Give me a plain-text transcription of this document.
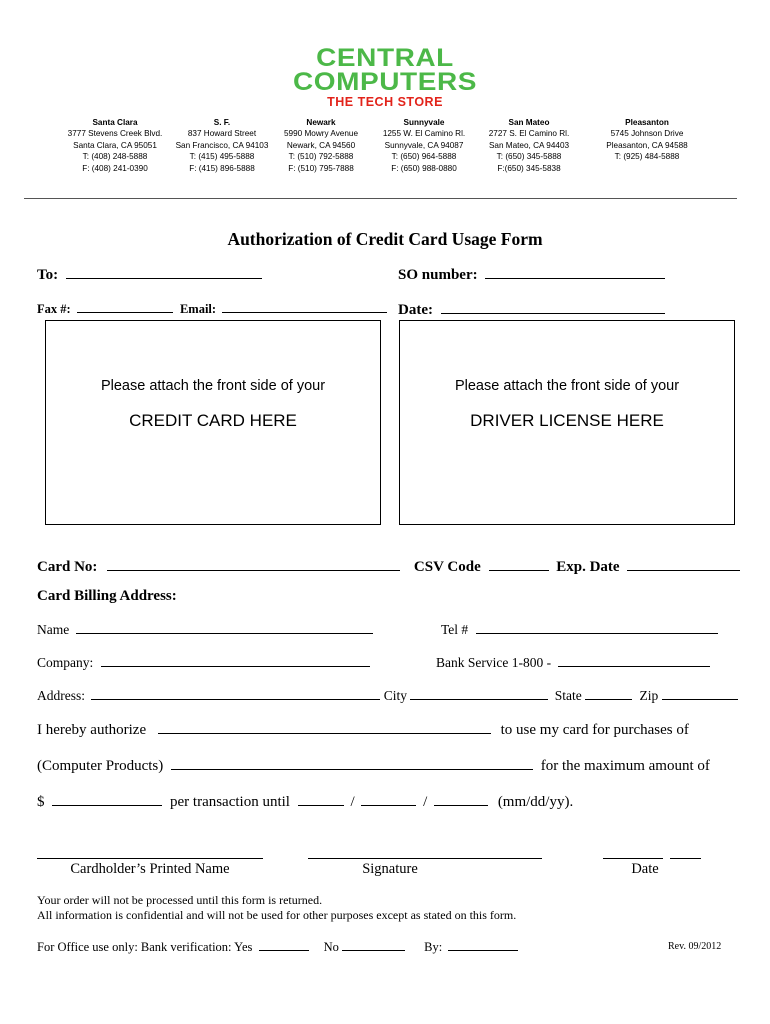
CENTRAL
COMPUTERS
THE TECH STORE
Santa Clara
3777 Stevens Creek Blvd.
Santa Clara, CA 95051
T: (408) 248-5888
F: (408) 241-0390
S. F.
837 Howard Street
San Francisco, CA 94103
T: (415) 495-5888
F: (415) 896-5888
Newark
5990 Mowry Avenue
Newark, CA 94560
T: (510) 792-5888
F: (510) 795-7888
Sunnyvale
1255 W. El Camino Rl.
Sunnyvale, CA 94087
T: (650) 964-5888
F: (650) 988-0880
San Mateo
2727 S. El Camino Rl.
San Mateo, CA 94403
T: (650) 345-5888
F:(650) 345-5838
Pleasanton
5745 Johnson Drive
Pleasanton, CA 94588
T: (925) 484-5888
Authorization of Credit Card Usage Form
To:	SO number:
Fax #:	Email:	Date:
Please attach the front side of your
CREDIT CARD HERE
Please attach the front side of your
DRIVER LICENSE HERE
Card No:	CSV Code	Exp. Date
Card Billing Address:
Name	Tel #
Company:	Bank Service 1-800 -
Address:	City	State	Zip
I hereby authorize	to use my card for purchases of
(Computer Products)	for the maximum amount of
$	per transaction until	/	/	(mm/dd/yy).
Cardholder’s Printed Name	Signature	Date
Your order will not be processed until this form is returned.
All information is confidential and will not be used for other purposes except as stated on this form.
For Office use only: Bank verification: Yes	No	By:	Rev. 09/2012
